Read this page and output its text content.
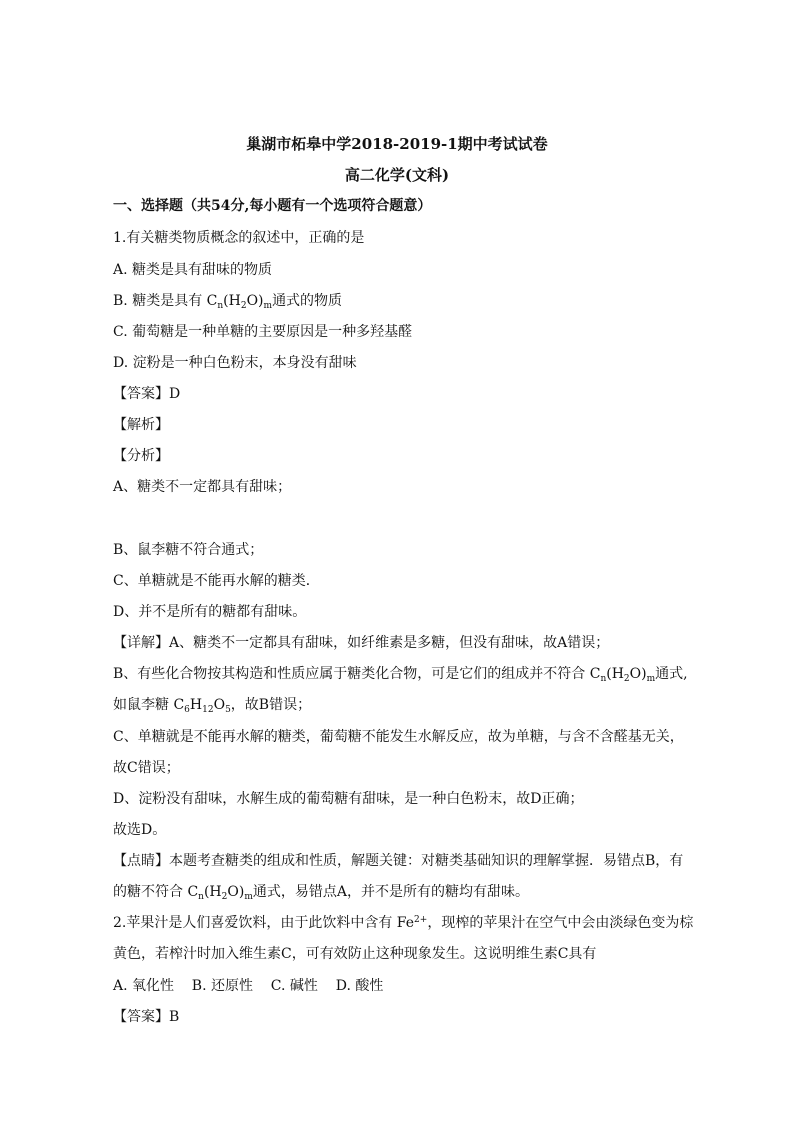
巢湖市柘皋中学2018-2019-1期中考试试卷
高二化学(文科)
一、选择题（共54分,每小题有一个选项符合题意）
1.有关糖类物质概念的叙述中，正确的是
A. 糖类是具有甜味的物质
B. 糖类是具有 $C_n(H_2O)_m$通式的物质
C. 葡萄糖是一种单糖的主要原因是一种多羟基醛
D. 淀粉是一种白色粉末，本身没有甜味
【答案】D
【解析】
【分析】
A、糖类不一定都具有甜味；
B、鼠李糖不符合通式；
C、单糖就是不能再水解的糖类．
D、并不是所有的糖都有甜味。
【详解】A、糖类不一定都具有甜味，如纤维素是多糖，但没有甜味，故A错误；
B、有些化合物按其构造和性质应属于糖类化合物，可是它们的组成并不符合 $C_n(H_2O)_m$通式,
如鼠李糖 $C_6H_{12}O_5$，故B错误；
C、单糖就是不能再水解的糖类，葡萄糖不能发生水解反应，故为单糖，与含不含醛基无关，
故C错误；
D、淀粉没有甜味，水解生成的葡萄糖有甜味，是一种白色粉末，故D正确；
故选D。
【点睛】本题考查糖类的组成和性质，解题关键：对糖类基础知识的理解掌握．易错点B，有
的糖不符合 $C_n(H_2O)_m$通式，易错点A，并不是所有的糖均有甜味。
2.苹果汁是人们喜爱饮料，由于此饮料中含有 $Fe^{2+}$，现榨的苹果汁在空气中会由淡绿色变为棕
黄色，若榨汁时加入维生素C，可有效防止这种现象发生。这说明维生素C具有
A. 氧化性    B. 还原性    C. 碱性    D. 酸性
【答案】B
